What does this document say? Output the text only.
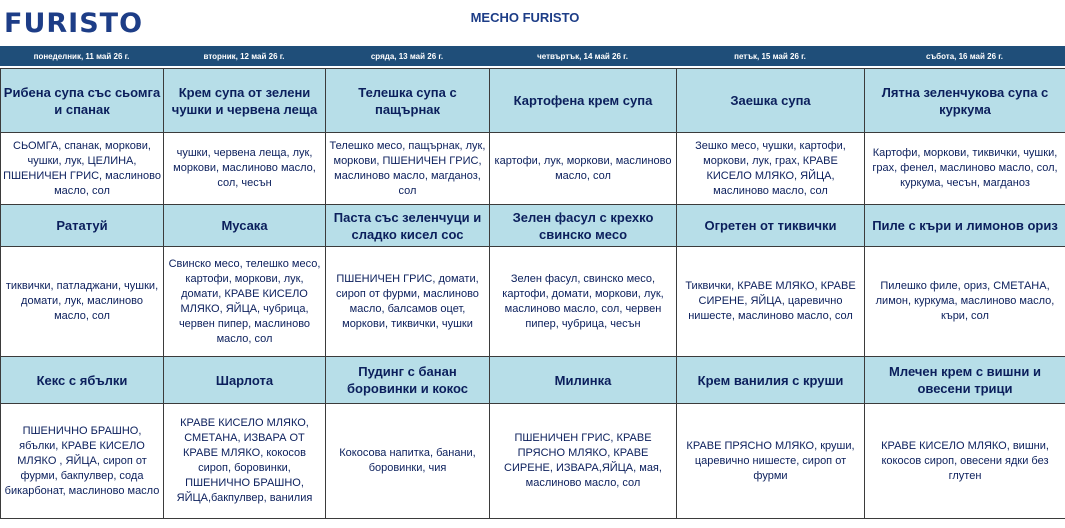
FURISTO	МЕСНО FURISTO
понеделник, 11 май 26 г.	вторник, 12 май 26 г.	сряда, 13 май 26 г.	четвъртък, 14 май 26 г.	петък, 15 май 26 г.	събота, 16 май 26 г.
Рибена супа със сьомга и спанак	Крем супа от зелени чушки и червена леща	Телешка супа с пащърнак	Картофена крем супа	Заешка супа	Лятна зеленчукова супа с куркума
СЬОМГА, спанак, моркови, чушки, лук, ЦЕЛИНА, ПШЕНИЧЕН ГРИС, маслиново масло, сол	чушки, червена леща, лук, моркови, маслиново масло, сол, чесън	Телешко месо, пащърнак, лук, моркови, ПШЕНИЧЕН ГРИС, маслиново масло, магданоз, сол	картофи, лук, моркови, маслиново масло, сол	Зешко месо, чушки, картофи, моркови, лук, грах, КРАВЕ КИСЕЛО МЛЯКО, ЯЙЦА, маслиново масло, сол	Картофи, моркови, тиквички, чушки, грах, фенел, маслиново масло, сол, куркума, чесън, магданоз
Рататуй	Мусака	Паста със зеленчуци и сладко кисел сос	Зелен фасул с крехко свинско месо	Огретен от тиквички	Пиле с къри и лимонов ориз
тиквички, патладжани, чушки, домати, лук, маслиново масло, сол	Свинско месо, телешко месо, картофи, моркови, лук, домати, КРАВЕ КИСЕЛО МЛЯКО, ЯЙЦА, чубрица, червен пипер, маслиново масло, сол	ПШЕНИЧЕН ГРИС, домати, сироп от фурми, маслиново масло, балсамов оцет, моркови, тиквички, чушки	Зелен фасул, свинско месо, картофи, домати, моркови, лук, маслиново масло, сол, червен пипер, чубрица, чесън	Тиквички, КРАВЕ МЛЯКО, КРАВЕ СИРЕНЕ, ЯЙЦА, царевично нишесте, маслиново масло, сол	Пилешко филе, ориз, СМЕТАНА, лимон, куркума, маслиново масло, къри, сол
Кекс с ябълки	Шарлота	Пудинг с банан боровинки и кокос	Милинка	Крем ванилия с круши	Млечен крем с вишни и овесени трици
ПШЕНИЧНО БРАШНО, ябълки, КРАВЕ КИСЕЛО МЛЯКО , ЯЙЦА, сироп от фурми, бакпулвер, сода бикарбонат, маслиново масло	КРАВЕ КИСЕЛО МЛЯКО, СМЕТАНА, ИЗВАРА ОТ КРАВЕ МЛЯКО, кокосов сироп, боровинки, ПШЕНИЧНО БРАШНО, ЯЙЦА,бакпулвер, ванилия	Кокосова напитка, банани, боровинки, чия	ПШЕНИЧЕН ГРИС, КРАВЕ ПРЯСНО МЛЯКО, КРАВЕ СИРЕНЕ, ИЗВАРА,ЯЙЦА, мая, маслиново масло, сол	КРАВЕ ПРЯСНО МЛЯКО, круши, царевично нишесте, сироп от фурми	КРАВЕ КИСЕЛО МЛЯКО, вишни, кокосов сироп, овесени ядки без глутен
